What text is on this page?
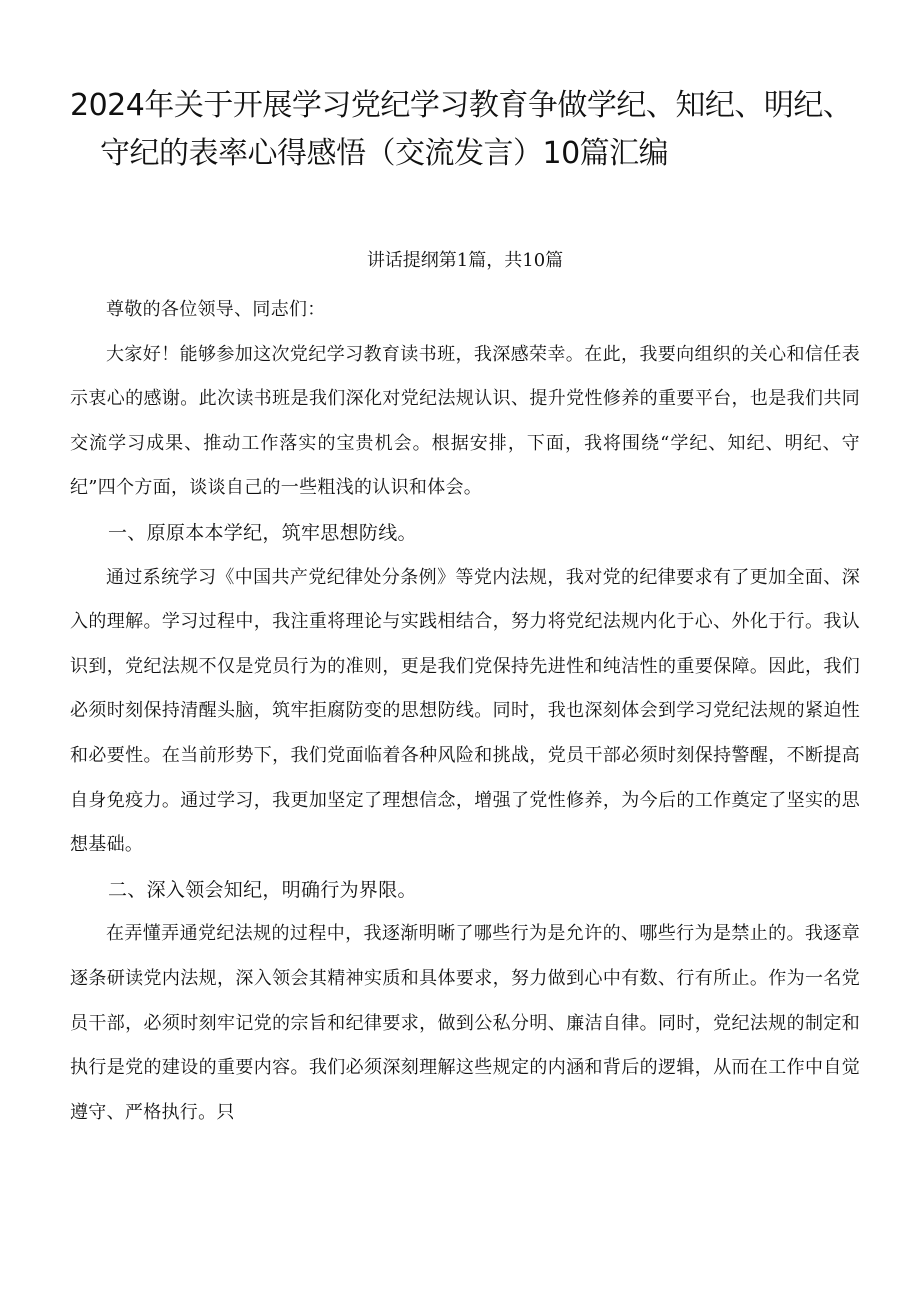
2024年关于开展学习党纪学习教育争做学纪、知纪、明纪、
守纪的表率心得感悟（交流发言）10篇汇编
讲话提纲第1篇，共10篇

尊敬的各位领导、同志们：

大家好！能够参加这次党纪学习教育读书班，我深感荣幸。在此，我要向组织的关心和信任表示衷心的感谢。此次读书班是我们深化对党纪法规认识、提升党性修养的重要平台，也是我们共同交流学习成果、推动工作落实的宝贵机会。根据安排，下面，我将围绕“学纪、知纪、明纪、守纪”四个方面，谈谈自己的一些粗浅的认识和体会。

一、原原本本学纪，筑牢思想防线。

通过系统学习《中国共产党纪律处分条例》等党内法规，我对党的纪律要求有了更加全面、深入的理解。学习过程中，我注重将理论与实践相结合，努力将党纪法规内化于心、外化于行。我认识到，党纪法规不仅是党员行为的准则，更是我们党保持先进性和纯洁性的重要保障。因此，我们必须时刻保持清醒头脑，筑牢拒腐防变的思想防线。同时，我也深刻体会到学习党纪法规的紧迫性和必要性。在当前形势下，我们党面临着各种风险和挑战，党员干部必须时刻保持警醒，不断提高自身免疫力。通过学习，我更加坚定了理想信念，增强了党性修养，为今后的工作奠定了坚实的思想基础。

二、深入领会知纪，明确行为界限。

在弄懂弄通党纪法规的过程中，我逐渐明晰了哪些行为是允许的、哪些行为是禁止的。我逐章逐条研读党内法规，深入领会其精神实质和具体要求，努力做到心中有数、行有所止。作为一名党员干部，必须时刻牢记党的宗旨和纪律要求，做到公私分明、廉洁自律。同时，党纪法规的制定和执行是党的建设的重要内容。我们必须深刻理解这些规定的内涵和背后的逻辑，从而在工作中自觉遵守、严格执行。只
